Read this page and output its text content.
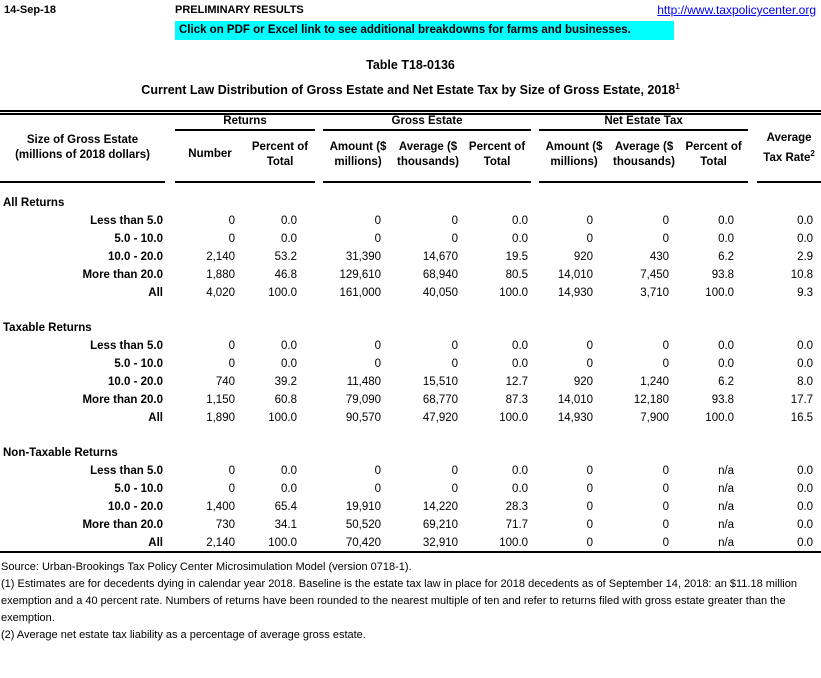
14-Sep-18	PRELIMINARY RESULTS	http://www.taxpolicycenter.org
Click on PDF or Excel link to see additional breakdowns for farms and businesses.
Table T18-0136
Current Law Distribution of Gross Estate and Net Estate Tax by Size of Gross Estate, 2018$^1$
Size of Gross Estate
(millions of 2018 dollars)		Returns			Gross Estate				Net Estate Tax				Average Tax Rate$^2$
		Number	Percent of Total		Amount ($ millions)	Average ($ thousands)	Percent of Total		Amount ($ millions)	Average ($ thousands)	Percent of Total		

All Returns													
Less than 5.0		0	0.0		0	0	0.0		0	0	0.0		0.0
5.0 - 10.0		0	0.0		0	0	0.0		0	0	0.0		0.0
10.0 - 20.0		2,140	53.2		31,390	14,670	19.5		920	430	6.2		2.9
More than 20.0		1,880	46.8		129,610	68,940	80.5		14,010	7,450	93.8		10.8
All		4,020	100.0		161,000	40,050	100.0		14,930	3,710	100.0		9.3

Taxable Returns													
Less than 5.0		0	0.0		0	0	0.0		0	0	0.0		0.0
5.0 - 10.0		0	0.0		0	0	0.0		0	0	0.0		0.0
10.0 - 20.0		740	39.2		11,480	15,510	12.7		920	1,240	6.2		8.0
More than 20.0		1,150	60.8		79,090	68,770	87.3		14,010	12,180	93.8		17.7
All		1,890	100.0		90,570	47,920	100.0		14,930	7,900	100.0		16.5

Non-Taxable Returns													
Less than 5.0		0	0.0		0	0	0.0		0	0	n/a		0.0
5.0 - 10.0		0	0.0		0	0	0.0		0	0	n/a		0.0
10.0 - 20.0		1,400	65.4		19,910	14,220	28.3		0	0	n/a		0.0
More than 20.0		730	34.1		50,520	69,210	71.7		0	0	n/a		0.0
All		2,140	100.0		70,420	32,910	100.0		0	0	n/a		0.0

Source: Urban-Brookings Tax Policy Center Microsimulation Model (version 0718-1).

(1) Estimates are for decedents dying in calendar year 2018. Baseline is the estate tax law in place for 2018 decedents as of September 14, 2018: an $11.18 million exemption and a 40 percent rate. Numbers of returns have been rounded to the nearest multiple of ten and refer to returns filed with gross estate greater than the exemption.

(2) Average net estate tax liability as a percentage of average gross estate.
